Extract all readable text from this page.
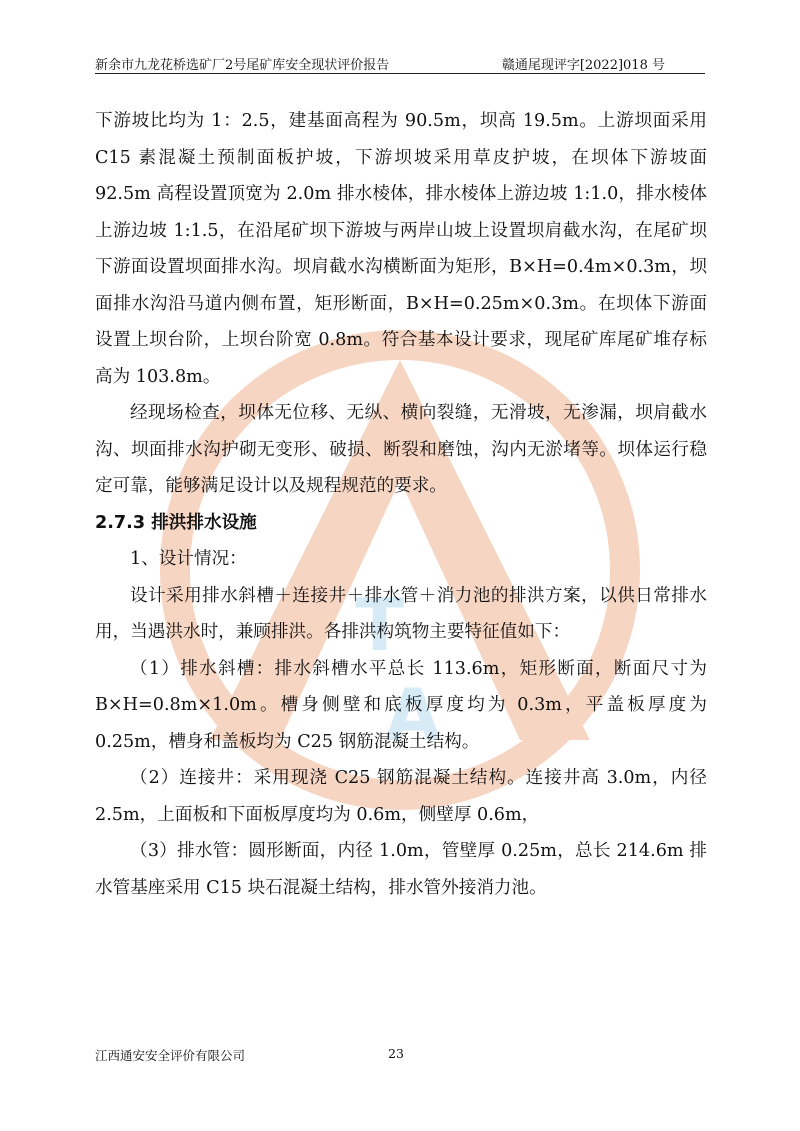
新余市九龙花桥选矿厂2号尾矿库安全现状评价报告	赣通尾现评字[2022]018 号
T
A

下游坡比均为 1：2.5，建基面高程为 90.5m，坝高 19.5m。上游坝面采用 C15 素混凝土预制面板护坡，下游坝坡采用草皮护坡，在坝体下游坡面 92.5m 高程设置顶宽为 2.0m 排水棱体，排水棱体上游边坡 1:1.0，排水棱体上游边坡 1:1.5，在沿尾矿坝下游坡与两岸山坡上设置坝肩截水沟，在尾矿坝下游面设置坝面排水沟。坝肩截水沟横断面为矩形，B×H=0.4m×0.3m，坝面排水沟沿马道内侧布置，矩形断面，B×H=0.25m×0.3m。在坝体下游面设置上坝台阶，上坝台阶宽 0.8m。符合基本设计要求，现尾矿库尾矿堆存标高为 103.8m。

经现场检查，坝体无位移、无纵、横向裂缝，无滑坡，无渗漏，坝肩截水沟、坝面排水沟护砌无变形、破损、断裂和磨蚀，沟内无淤堵等。坝体运行稳定可靠，能够满足设计以及规程规范的要求。

2.7.3 排洪排水设施

1、设计情况：

设计采用排水斜槽＋连接井＋排水管＋消力池的排洪方案，以供日常排水用，当遇洪水时，兼顾排洪。各排洪构筑物主要特征值如下：

（1）排水斜槽：排水斜槽水平总长 113.6m，矩形断面，断面尺寸为 B×H=0.8m×1.0m。槽身侧壁和底板厚度均为 0.3m，平盖板厚度为 0.25m，槽身和盖板均为 C25 钢筋混凝土结构。

（2）连接井：采用现浇 C25 钢筋混凝土结构。连接井高 3.0m，内径 2.5m，上面板和下面板厚度均为 0.6m，侧壁厚 0.6m，

（3）排水管：圆形断面，内径 1.0m，管壁厚 0.25m，总长 214.6m 排水管基座采用 C15 块石混凝土结构，排水管外接消力池。

江西通安安全评价有限公司	23
